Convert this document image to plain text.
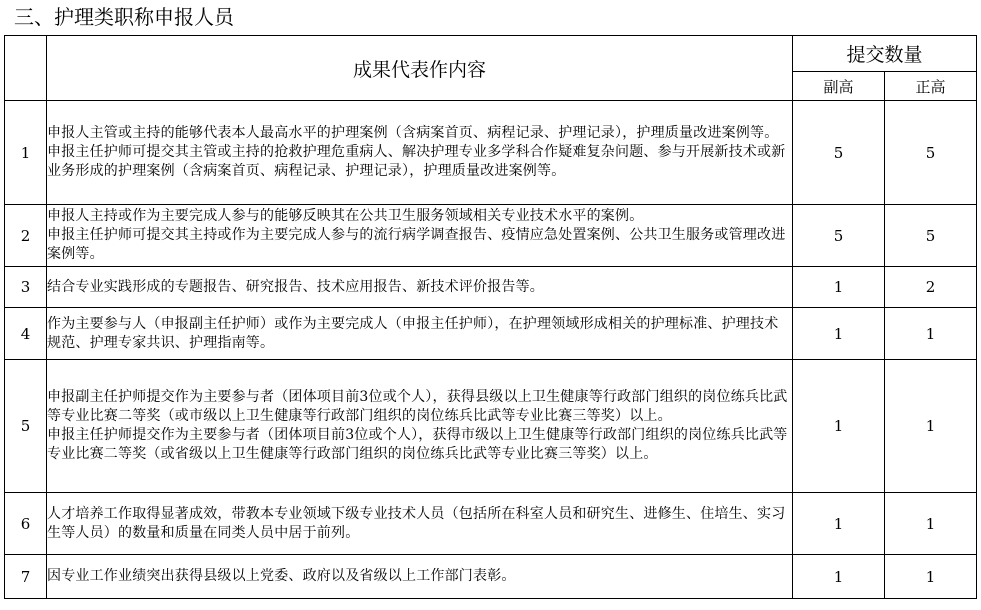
三、护理类职称申报人员
	成果代表作内容	提交数量	
		副高	正高
1	申报人主管或主持的能够代表本人最高水平的护理案例（含病案首页、病程记录、护理记录），护理质量改进案例等。
申报主任护师可提交其主管或主持的抢救护理危重病人、解决护理专业多学科合作疑难复杂问题、参与开展新技术或新业务形成的护理案例（含病案首页、病程记录、护理记录），护理质量改进案例等。	5	5
2	申报人主持或作为主要完成人参与的能够反映其在公共卫生服务领域相关专业技术水平的案例。
申报主任护师可提交其主持或作为主要完成人参与的流行病学调查报告、疫情应急处置案例、公共卫生服务或管理改进案例等。	5	5
3	结合专业实践形成的专题报告、研究报告、技术应用报告、新技术评价报告等。	1	2
4	作为主要参与人（申报副主任护师）或作为主要完成人（申报主任护师），在护理领域形成相关的护理标准、护理技术规范、护理专家共识、护理指南等。	1	1
5	申报副主任护师提交作为主要参与者（团体项目前3位或个人），获得县级以上卫生健康等行政部门组织的岗位练兵比武等专业比赛二等奖（或市级以上卫生健康等行政部门组织的岗位练兵比武等专业比赛三等奖）以上。
申报主任护师提交作为主要参与者（团体项目前3位或个人），获得市级以上卫生健康等行政部门组织的岗位练兵比武等专业比赛二等奖（或省级以上卫生健康等行政部门组织的岗位练兵比武等专业比赛三等奖）以上。	1	1
6	人才培养工作取得显著成效，带教本专业领域下级专业技术人员（包括所在科室人员和研究生、进修生、住培生、实习生等人员）的数量和质量在同类人员中居于前列。	1	1
7	因专业工作业绩突出获得县级以上党委、政府以及省级以上工作部门表彰。	1	1
